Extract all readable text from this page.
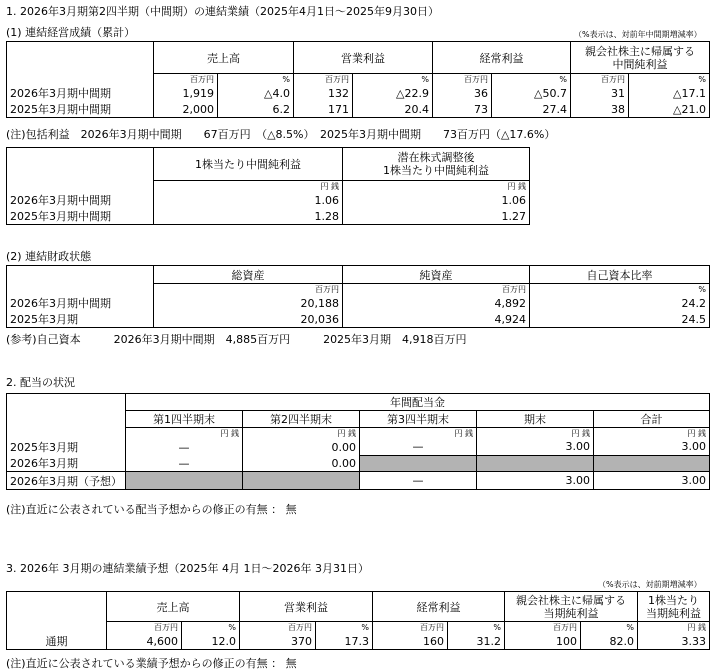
1. 2026年3月期第2四半期（中間期）の連結業績（2025年4月1日～2025年9月30日）
(1) 連結経営成績（累計）	（%表示は、対前年中間期増減率）
	売上高		営業利益		経常利益		親会社株主に帰属する
中間純利益	
	百万円	%	百万円	%	百万円	%	百万円	%
2026年3月期中間期	1,919	△4.0	132	△22.9	36	△50.7	31	△17.1
2025年3月期中間期	2,000	6.2	171	20.4	73	27.4	38	△21.0
(注)包括利益　2026年3月期中間期　　67百万円　（△8.5%）　2025年3月期中間期　　73百万円（△17.6%）
	1株当たり中間純利益	潜在株式調整後
1株当たり中間純利益
	円 銭	円 銭
2026年3月期中間期	1.06	1.06
2025年3月期中間期	1.28	1.27
(2) 連結財政状態
	総資産	純資産	自己資本比率
	百万円	百万円	%
2026年3月期中間期	20,188	4,892	24.2
2025年3月期	20,036	4,924	24.5
(参考)自己資本　　　2026年3月期中間期　4,885百万円　　　2025年3月期　4,918百万円
2. 配当の状況
	年間配当金				
	第1四半期末	第2四半期末	第3四半期末	期末	合計
	円 銭	円 銭	円 銭	円 銭	円 銭
2025年3月期	—	0.00	—	3.00	3.00
2026年3月期	—	0.00			
2026年3月期（予想）			—	3.00	3.00
(注)直近に公表されている配当予想からの修正の有無 ： 無
3. 2026年 3月期の連結業績予想（2025年 4月 1日～2026年 3月31日）
（%表示は、対前期増減率）
	売上高		営業利益		経常利益		親会社株主に帰属する
当期純利益		1株当たり
当期純利益
	百万円	%	百万円	%	百万円	%	百万円	%	円 銭
通期	4,600	12.0	370	17.3	160	31.2	100	82.0	3.33
(注)直近に公表されている業績予想からの修正の有無 ： 無
